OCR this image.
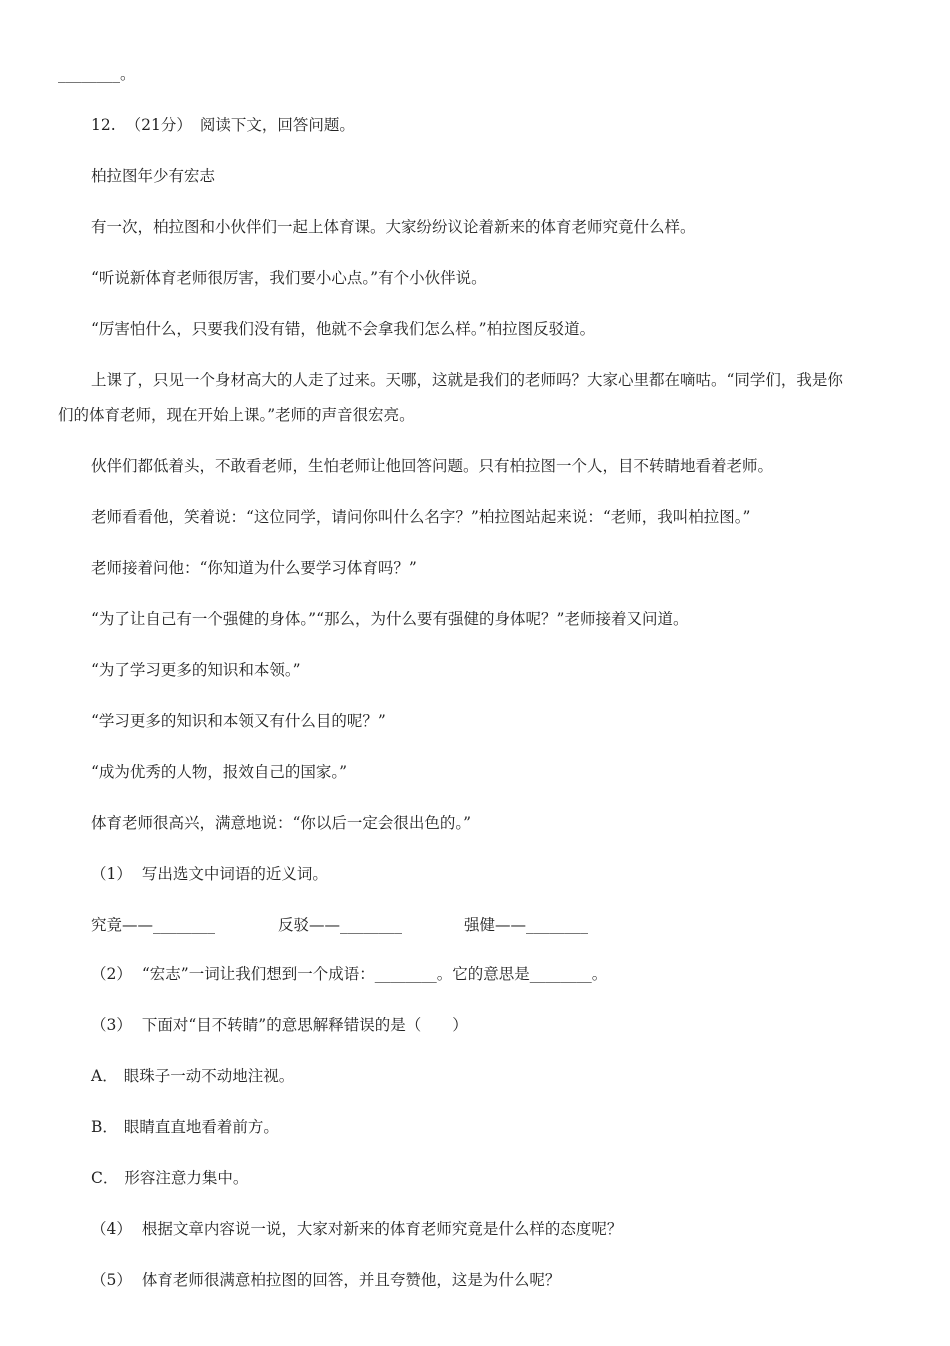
________。
12. （21分） 阅读下文，回答问题。
柏拉图年少有宏志
有一次，柏拉图和小伙伴们一起上体育课。大家纷纷议论着新来的体育老师究竟什么样。
“听说新体育老师很厉害，我们要小心点。”有个小伙伴说。
“厉害怕什么，只要我们没有错，他就不会拿我们怎么样。”柏拉图反驳道。
上课了，只见一个身材高大的人走了过来。天哪，这就是我们的老师吗？大家心里都在嘀咕。“同学们，我是你
们的体育老师，现在开始上课。”老师的声音很宏亮。
伙伴们都低着头，不敢看老师，生怕老师让他回答问题。只有柏拉图一个人，目不转睛地看着老师。
老师看看他，笑着说：“这位同学，请问你叫什么名字？”柏拉图站起来说：“老师，我叫柏拉图。”
老师接着问他：“你知道为什么要学习体育吗？”
“为了让自己有一个强健的身体。”“那么，为什么要有强健的身体呢？”老师接着又问道。
“为了学习更多的知识和本领。”
“学习更多的知识和本领又有什么目的呢？”
“成为优秀的人物，报效自己的国家。”
体育老师很高兴，满意地说：“你以后一定会很出色的。”
（1） 写出选文中词语的近义词。
究竟——________	反驳——________	强健——________
（2） “宏志”一词让我们想到一个成语：________。它的意思是________。
（3） 下面对“目不转睛”的意思解释错误的是（　　）
A． 眼珠子一动不动地注视。
B． 眼睛直直地看着前方。
C． 形容注意力集中。
（4） 根据文章内容说一说，大家对新来的体育老师究竟是什么样的态度呢？
（5） 体育老师很满意柏拉图的回答，并且夸赞他，这是为什么呢？
